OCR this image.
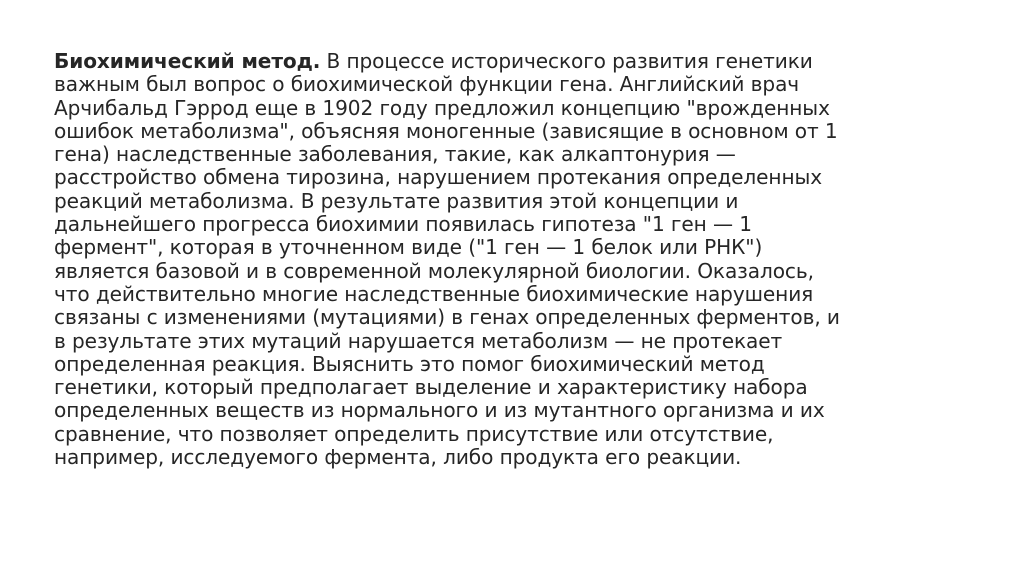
Биохимический метод. В процессе исторического развития генетики
важным был вопрос о биохимической функции гена. Английский врач
Арчибальд Гэррод еще в 1902 году предложил концепцию "врожденных
ошибок метаболизма", объясняя моногенные (зависящие в основном от 1
гена) наследственные заболевания, такие, как алкаптонурия —
расстройство обмена тирозина, нарушением протекания определенных
реакций метаболизма. В результате развития этой концепции и
дальнейшего прогресса биохимии появилась гипотеза "1 ген — 1
фермент", которая в уточненном виде ("1 ген — 1 белок или РНК")
является базовой и в современной молекулярной биологии. Оказалось,
что действительно многие наследственные биохимические нарушения
связаны с изменениями (мутациями) в генах определенных ферментов, и
в результате этих мутаций нарушается метаболизм — не протекает
определенная реакция. Выяснить это помог биохимический метод
генетики, который предполагает выделение и характеристику набора
определенных веществ из нормального и из мутантного организма и их
сравнение, что позволяет определить присутствие или отсутствие,
например, исследуемого фермента, либо продукта его реакции.
